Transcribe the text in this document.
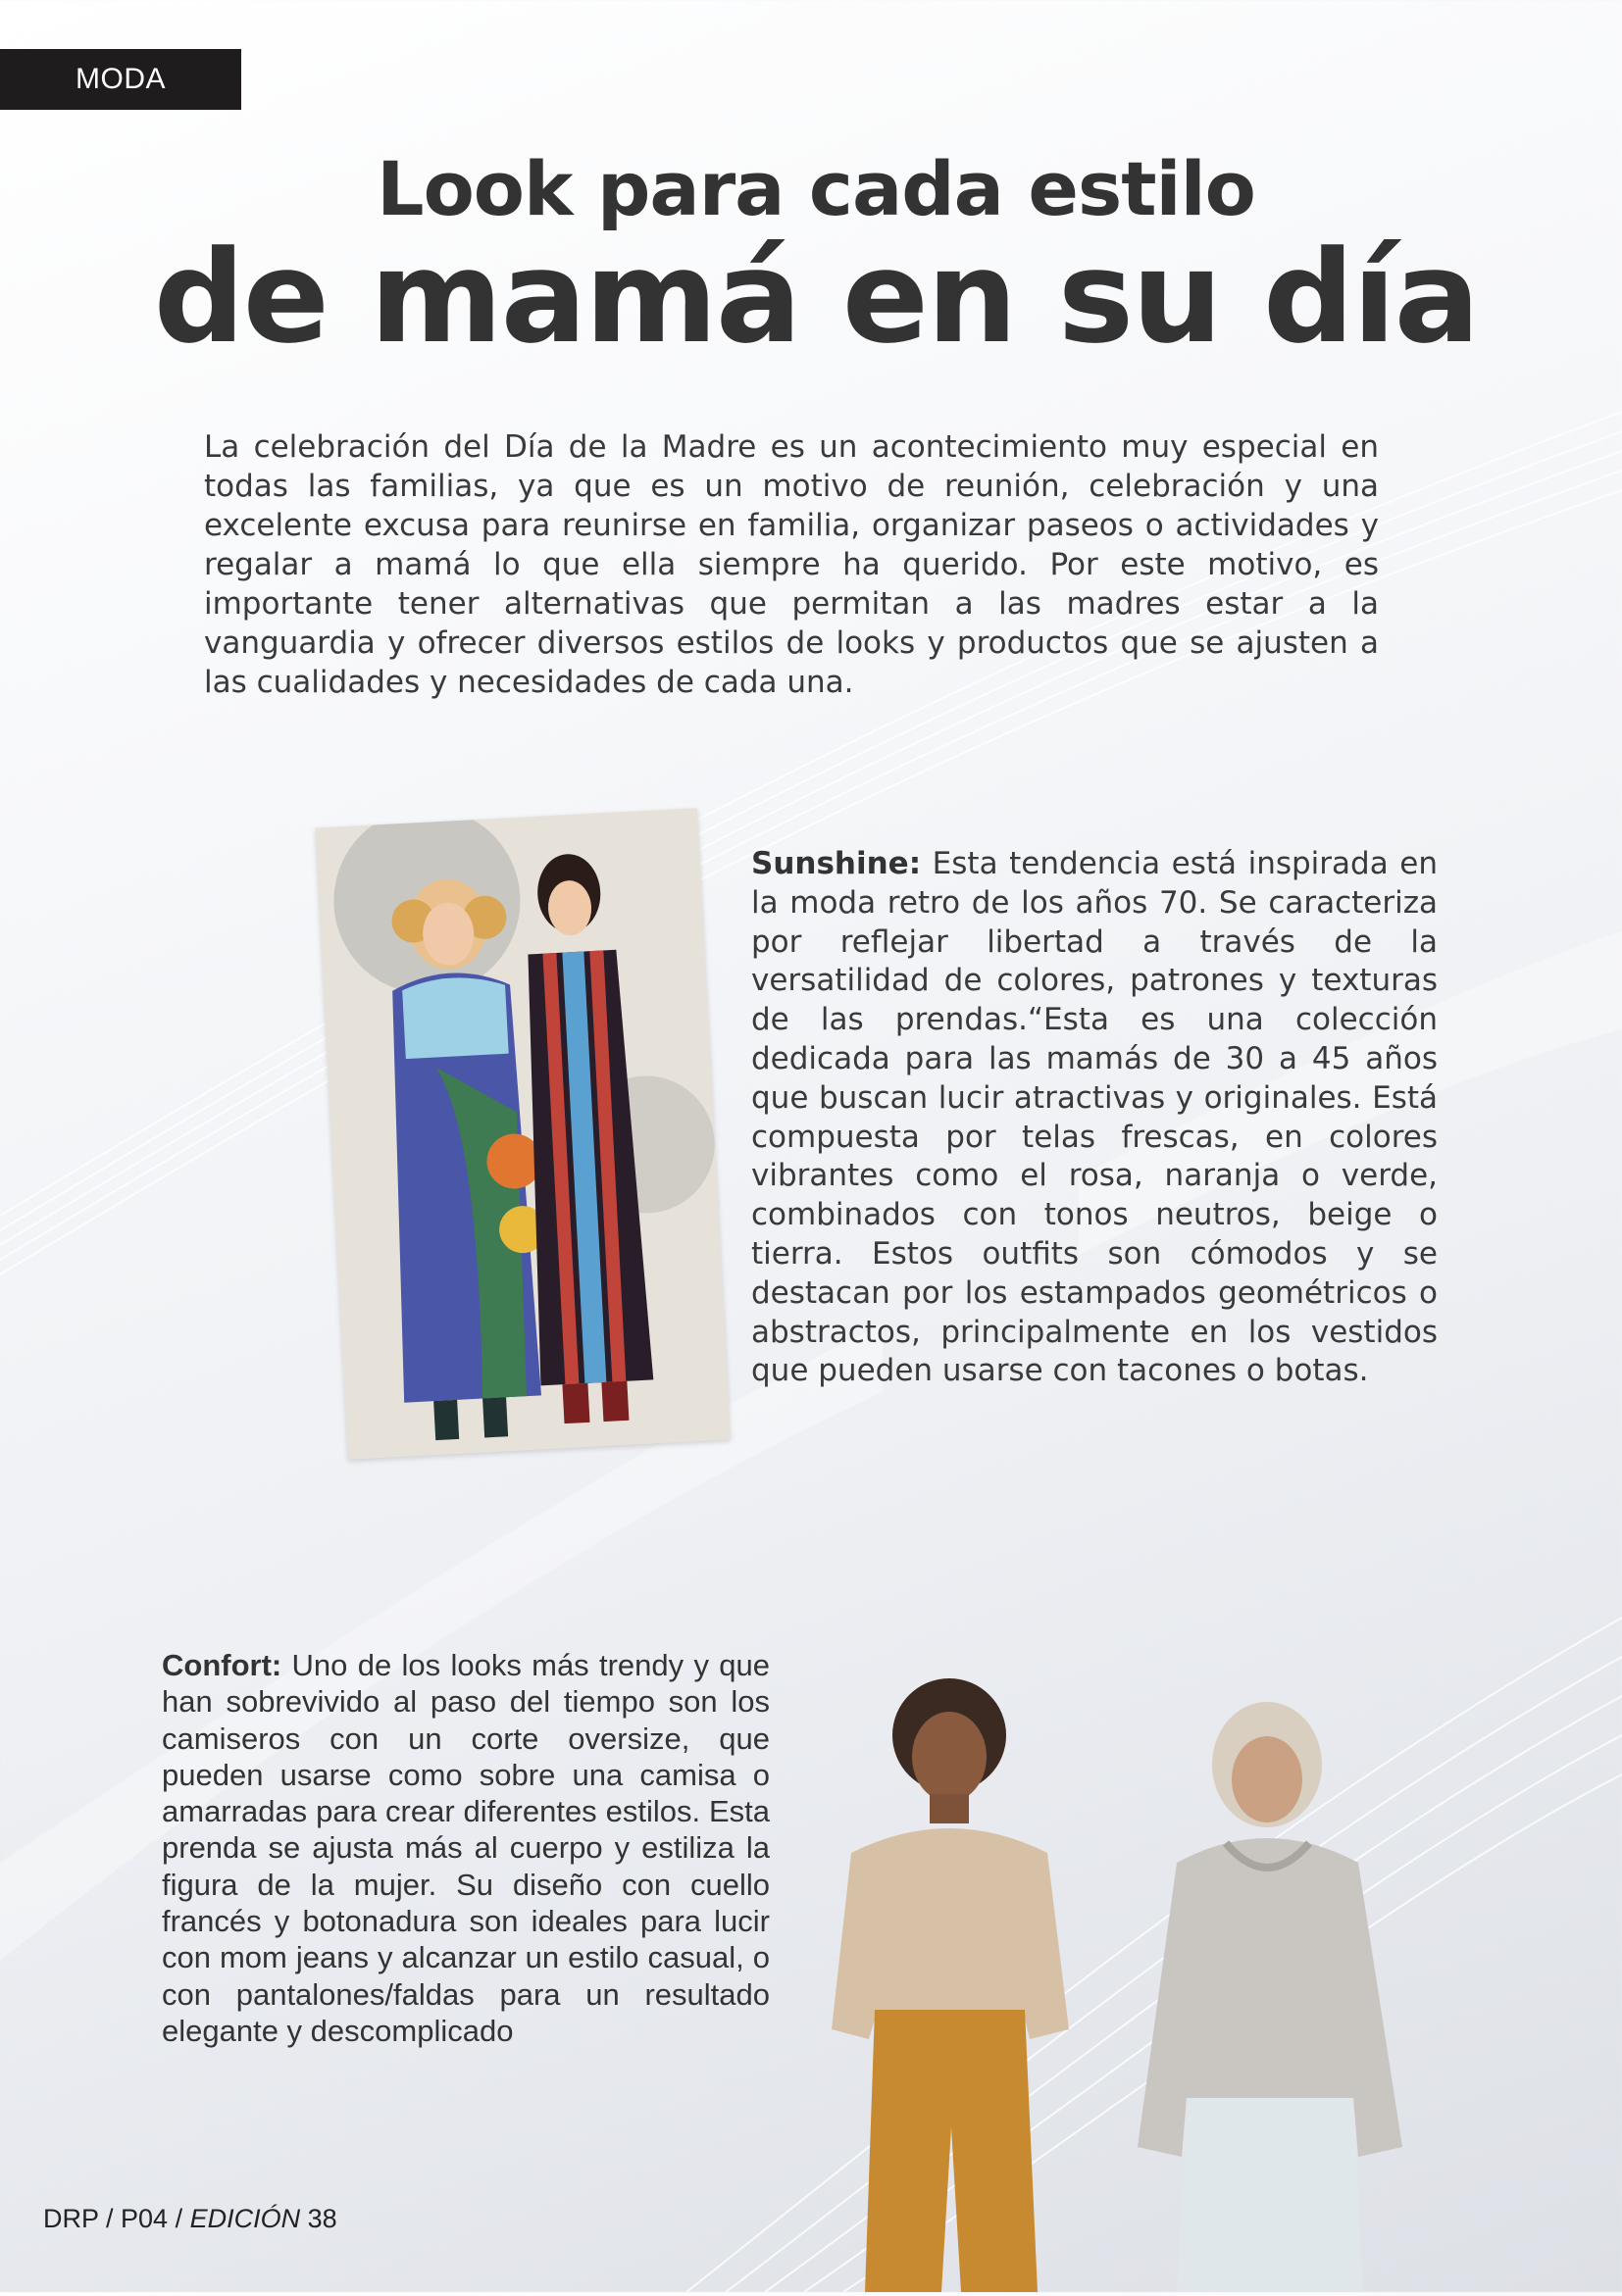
MODA
Look para cada estilo
de mamá en su día

La celebración del Día de la Madre es un acontecimiento muy especial en todas las familias, ya que es un motivo de reunión, celebración y una excelente excusa para reunirse en familia, organizar paseos o actividades y regalar a mamá lo que ella siempre ha querido. Por este motivo, es importante tener alternativas que permitan a las madres estar a la vanguardia y ofrecer diversos estilos de looks y productos que se ajusten a las cualidades y necesidades de cada una.

Sunshine: Esta tendencia está inspirada en la moda retro de los años 70. Se caracteriza por reflejar libertad a través de la versatilidad de colores, patrones y texturas de las prendas.“Esta es una colección dedicada para las mamás de 30 a 45 años que buscan lucir atractivas y originales. Está compuesta por telas frescas, en colores vibrantes como el rosa, naranja o verde, combinados con tonos neutros, beige o tierra. Estos outfits son cómodos y se destacan por los estampados geométricos o abstractos, principalmente en los vestidos que pueden usarse con tacones o botas.

Confort: Uno de los looks más trendy y que han sobrevivido al paso del tiempo son los camiseros con un corte oversize, que pueden usarse como sobre una camisa o amarradas para crear diferentes estilos. Esta prenda se ajusta más al cuerpo y estiliza la figura de la mujer. Su diseño con cuello francés y botonadura son ideales para lucir con mom jeans y alcanzar un estilo casual, o con pantalones/faldas para un resultado elegante y descomplicado

DRP / P04 / EDICIÓN 38
